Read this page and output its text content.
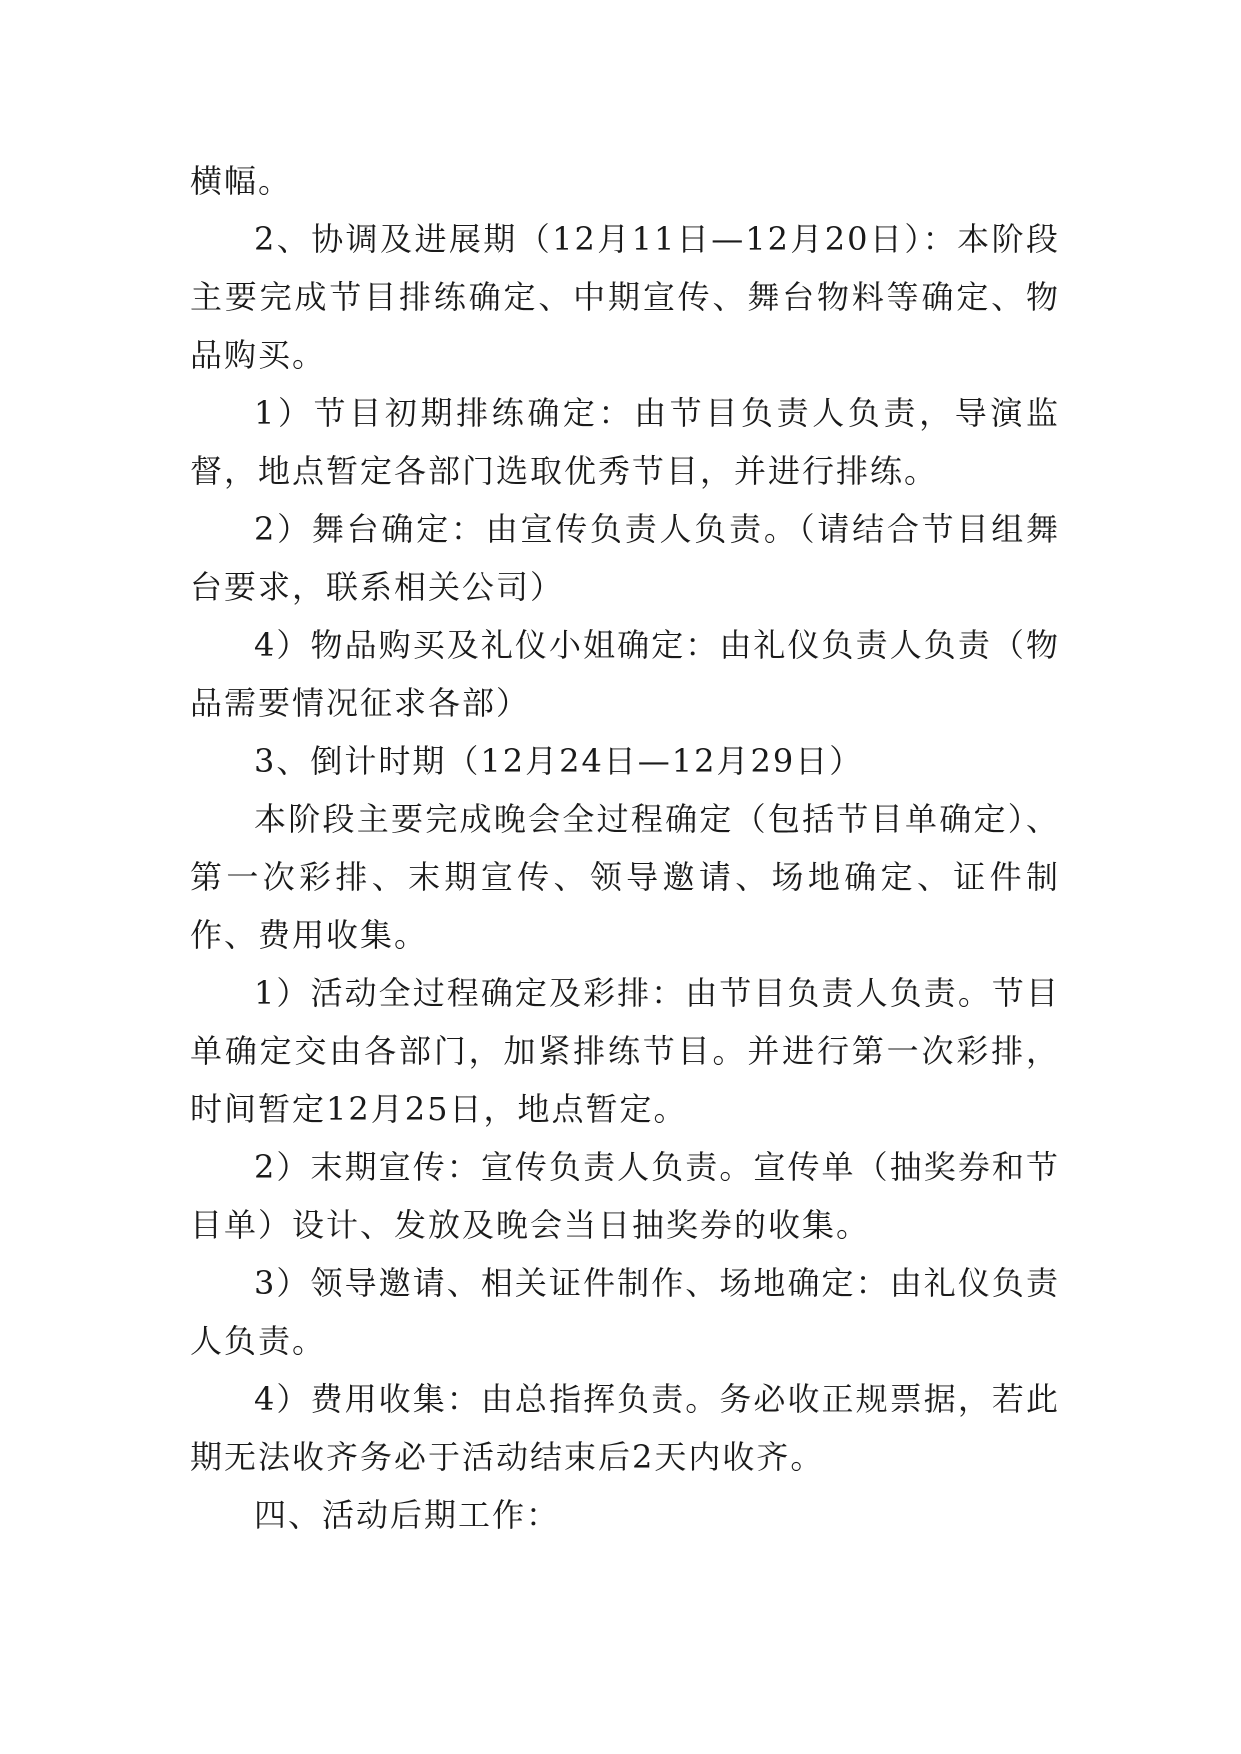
横幅。

2、协调及进展期（12月11日—12月20日）：本阶段主要完成节目排练确定、中期宣传、舞台物料等确定、物品购买。

1）节目初期排练确定：由节目负责人负责，导演监督，地点暂定各部门选取优秀节目，并进行排练。

2）舞台确定：由宣传负责人负责。（请结合节目组舞台要求，联系相关公司）

4）物品购买及礼仪小姐确定：由礼仪负责人负责（物品需要情况征求各部）

3、倒计时期（12月24日—12月29日）

本阶段主要完成晚会全过程确定（包括节目单确定）、第一次彩排、末期宣传、领导邀请、场地确定、证件制作、费用收集。

1）活动全过程确定及彩排：由节目负责人负责。节目单确定交由各部门，加紧排练节目。并进行第一次彩排，时间暂定12月25日，地点暂定。

2）末期宣传：宣传负责人负责。宣传单（抽奖券和节目单）设计、发放及晚会当日抽奖券的收集。

3）领导邀请、相关证件制作、场地确定：由礼仪负责人负责。

4）费用收集：由总指挥负责。务必收正规票据，若此期无法收齐务必于活动结束后2天内收齐。

四、活动后期工作：
